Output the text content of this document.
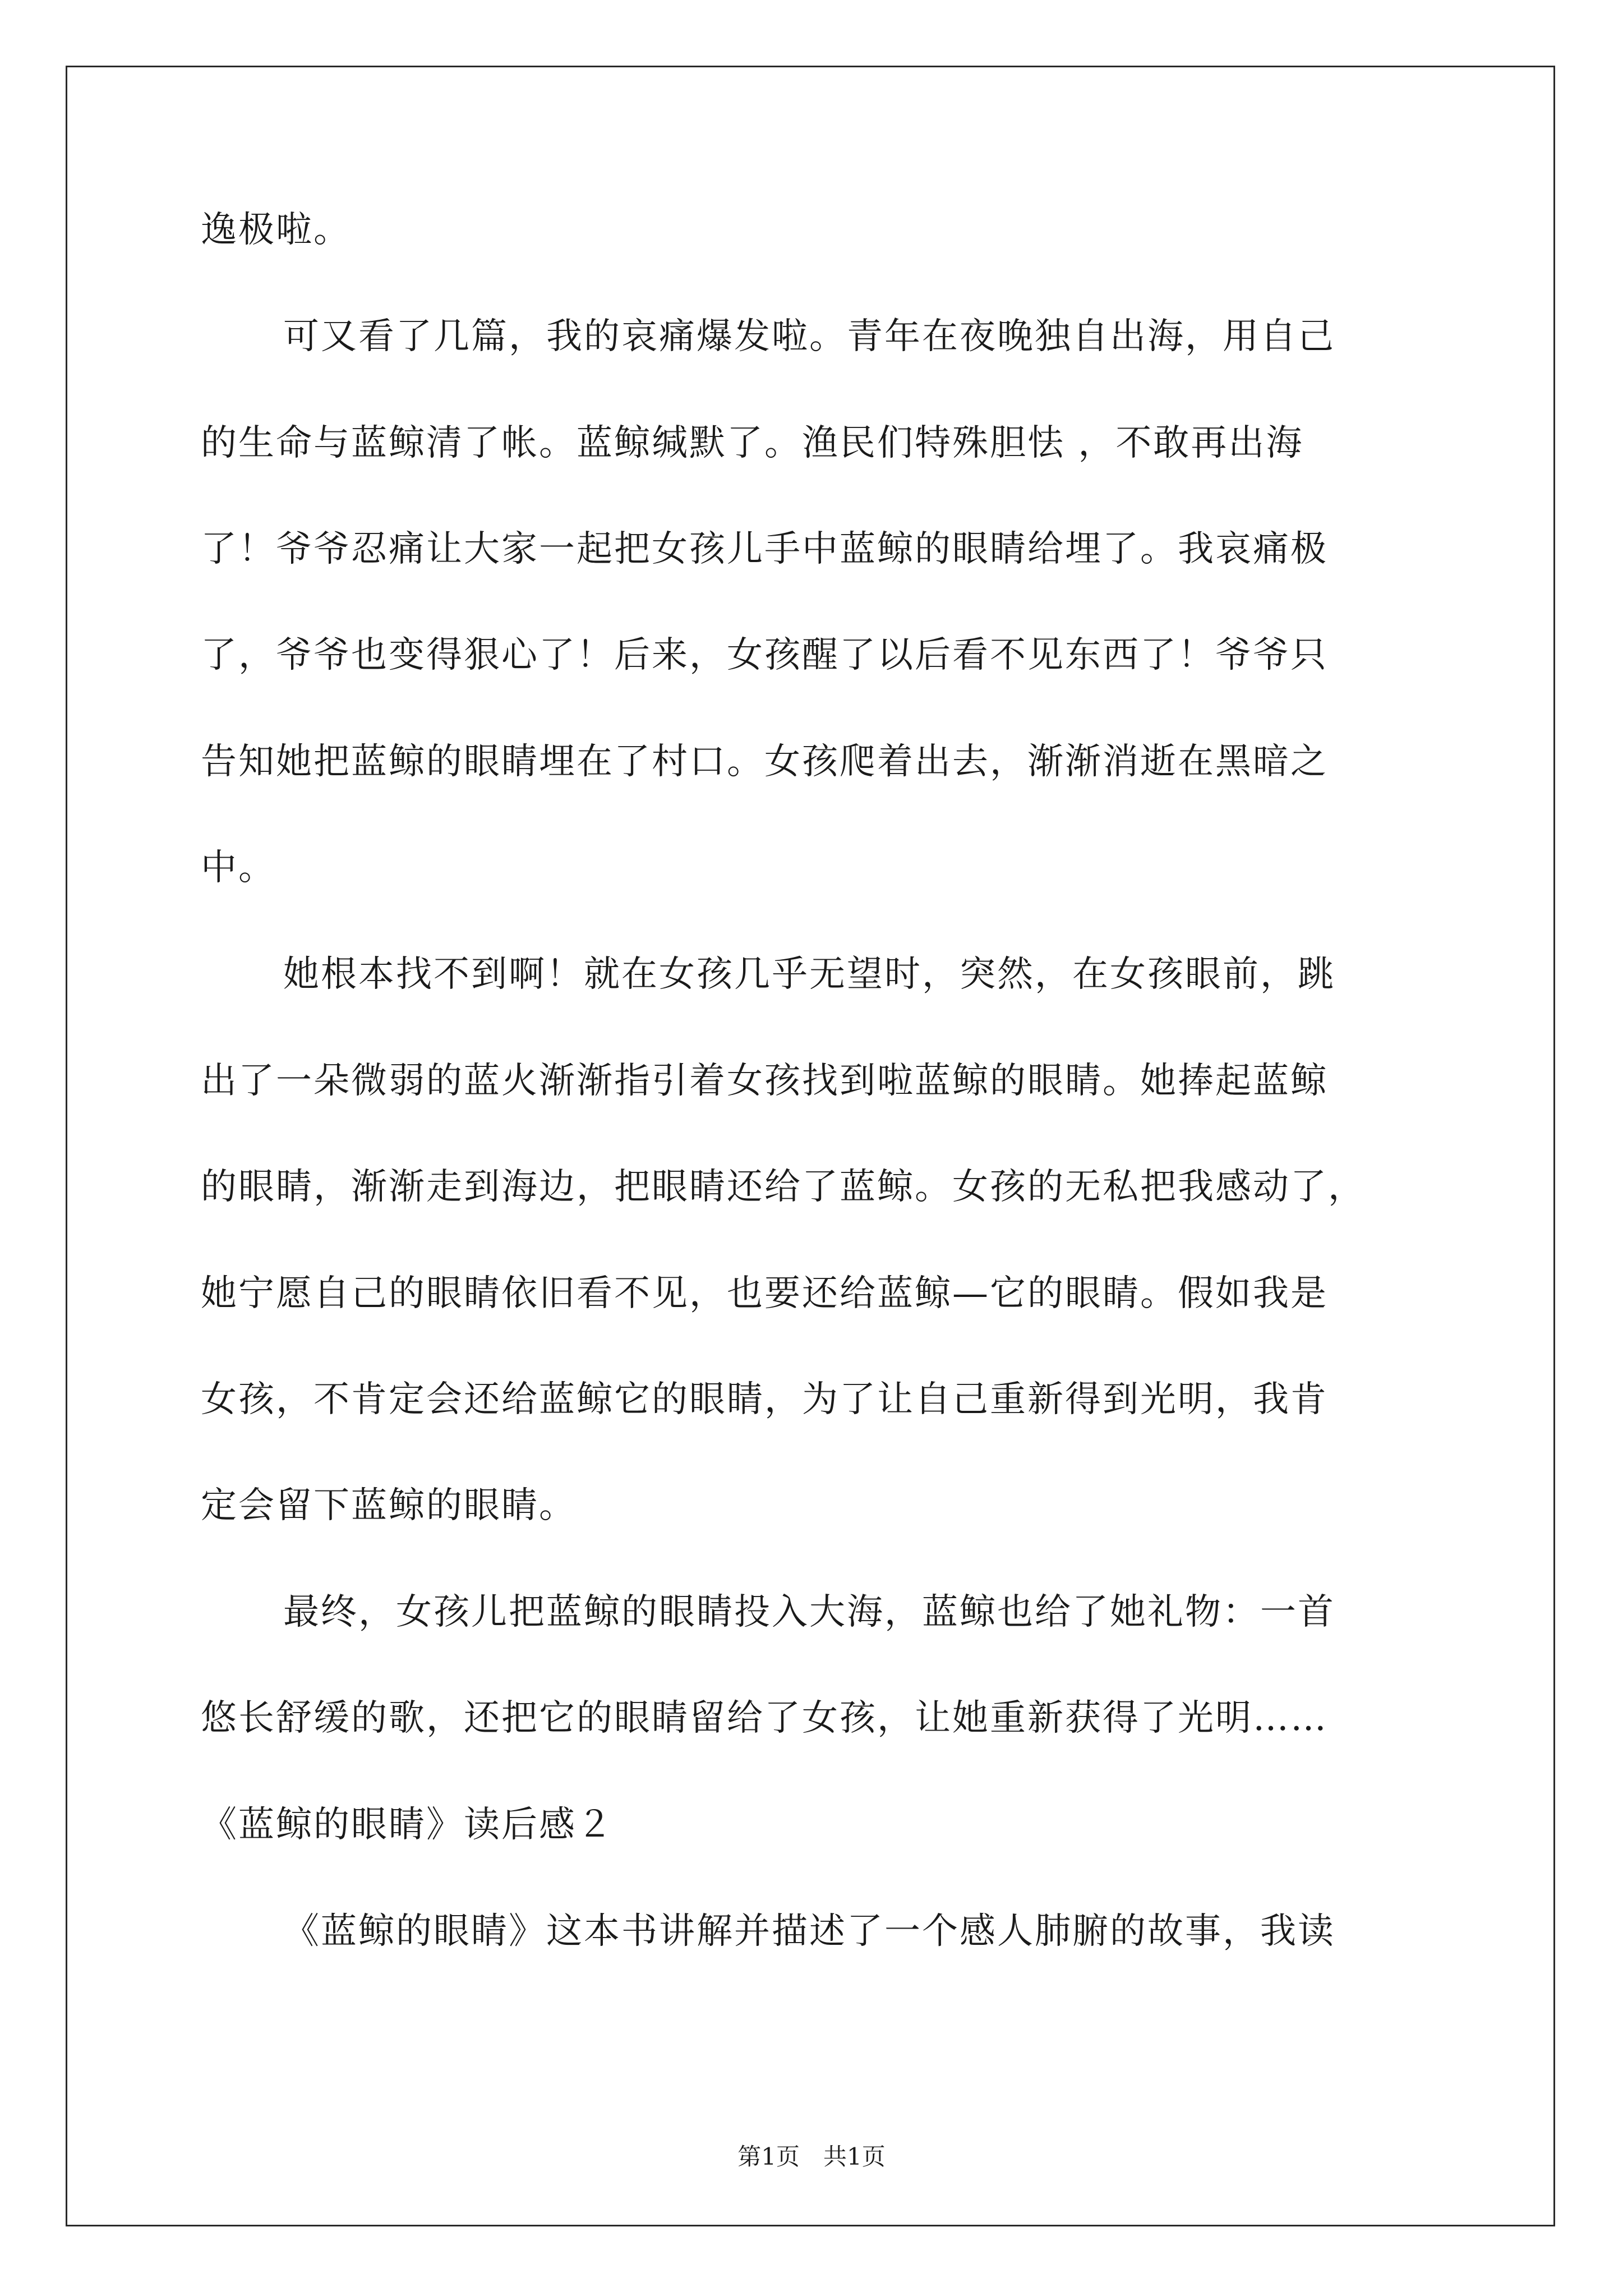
逸极啦。
可又看了几篇，我的哀痛爆发啦。青年在夜晚独自出海，用自己
的生命与蓝鲸清了帐。蓝鲸缄默了。渔民们特殊胆怯 ，不敢再出海
了！爷爷忍痛让大家一起把女孩儿手中蓝鲸的眼睛给埋了。我哀痛极
了，爷爷也变得狠心了！后来，女孩醒了以后看不见东西了！爷爷只
告知她把蓝鲸的眼睛埋在了村口。女孩爬着出去，渐渐消逝在黑暗之
中。
她根本找不到啊！就在女孩几乎无望时，突然，在女孩眼前，跳
出了一朵微弱的蓝火渐渐指引着女孩找到啦蓝鲸的眼睛。她捧起蓝鲸
的眼睛，渐渐走到海边，把眼睛还给了蓝鲸。女孩的无私把我感动了，
她宁愿自己的眼睛依旧看不见，也要还给蓝鲸—它的眼睛。假如我是
女孩，不肯定会还给蓝鲸它的眼睛，为了让自己重新得到光明，我肯
定会留下蓝鲸的眼睛。
最终，女孩儿把蓝鲸的眼睛投入大海，蓝鲸也给了她礼物：一首
悠长舒缓的歌，还把它的眼睛留给了女孩，让她重新获得了光明……
《蓝鲸的眼睛》读后感２
《蓝鲸的眼睛》这本书讲解并描述了一个感人肺腑的故事，我读
第1页　共1页
